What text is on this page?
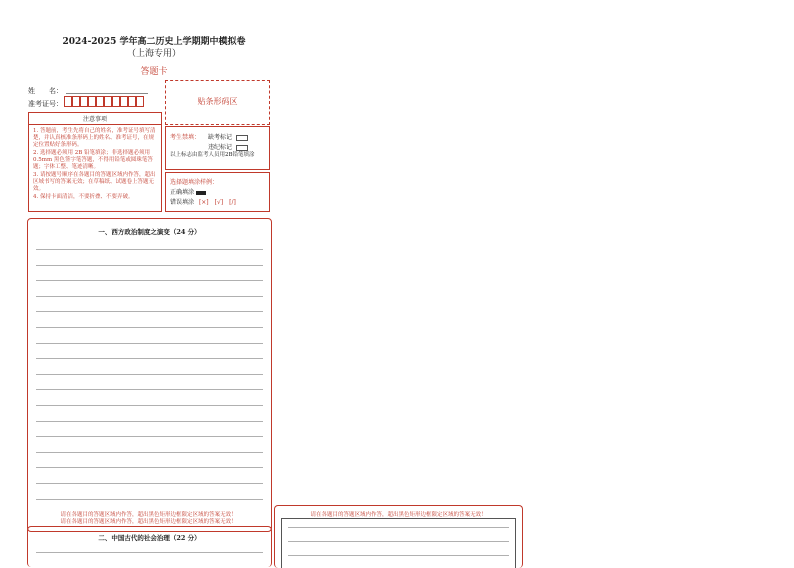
2024-2025 学年高二历史上学期期中模拟卷
（上海专用）
答题卡
姓　　名：
准考证号：	贴条形码区
注意事项
1. 答题前，考生先将自己的姓名，准考证号填写清楚，并认真核准条形码上的姓名、准考证号，在规定位置贴好条形码。
2. 选择题必须用 2B 铅笔填涂；非选择题必须用 0.5mm 黑色签字笔答题，不得用铅笔或圆珠笔答题；字体工整、笔迹清晰。
3. 请按题号顺序在各题目的答题区域内作答，超出区域书写的答案无效；在草稿纸、试题卷上答题无效。
4. 保持卡面清洁，不要折叠、不要弄破。
考生禁填： 缺考标记
违纪标记
以上标志由监考人员用2B铅笔填涂
选择题填涂样例：
正确填涂
错误填涂 [×]　[√]　[/]
一、西方政治制度之演变（24 分）
请在各题目的答题区域内作答，超出黑色矩形边框限定区域的答案无效！
请在各题目的答题区域内作答，超出黑色矩形边框限定区域的答案无效！
二、中国古代的社会治理（22 分）
请在各题目的答题区域内作答，超出黑色矩形边框限定区域的答案无效！
